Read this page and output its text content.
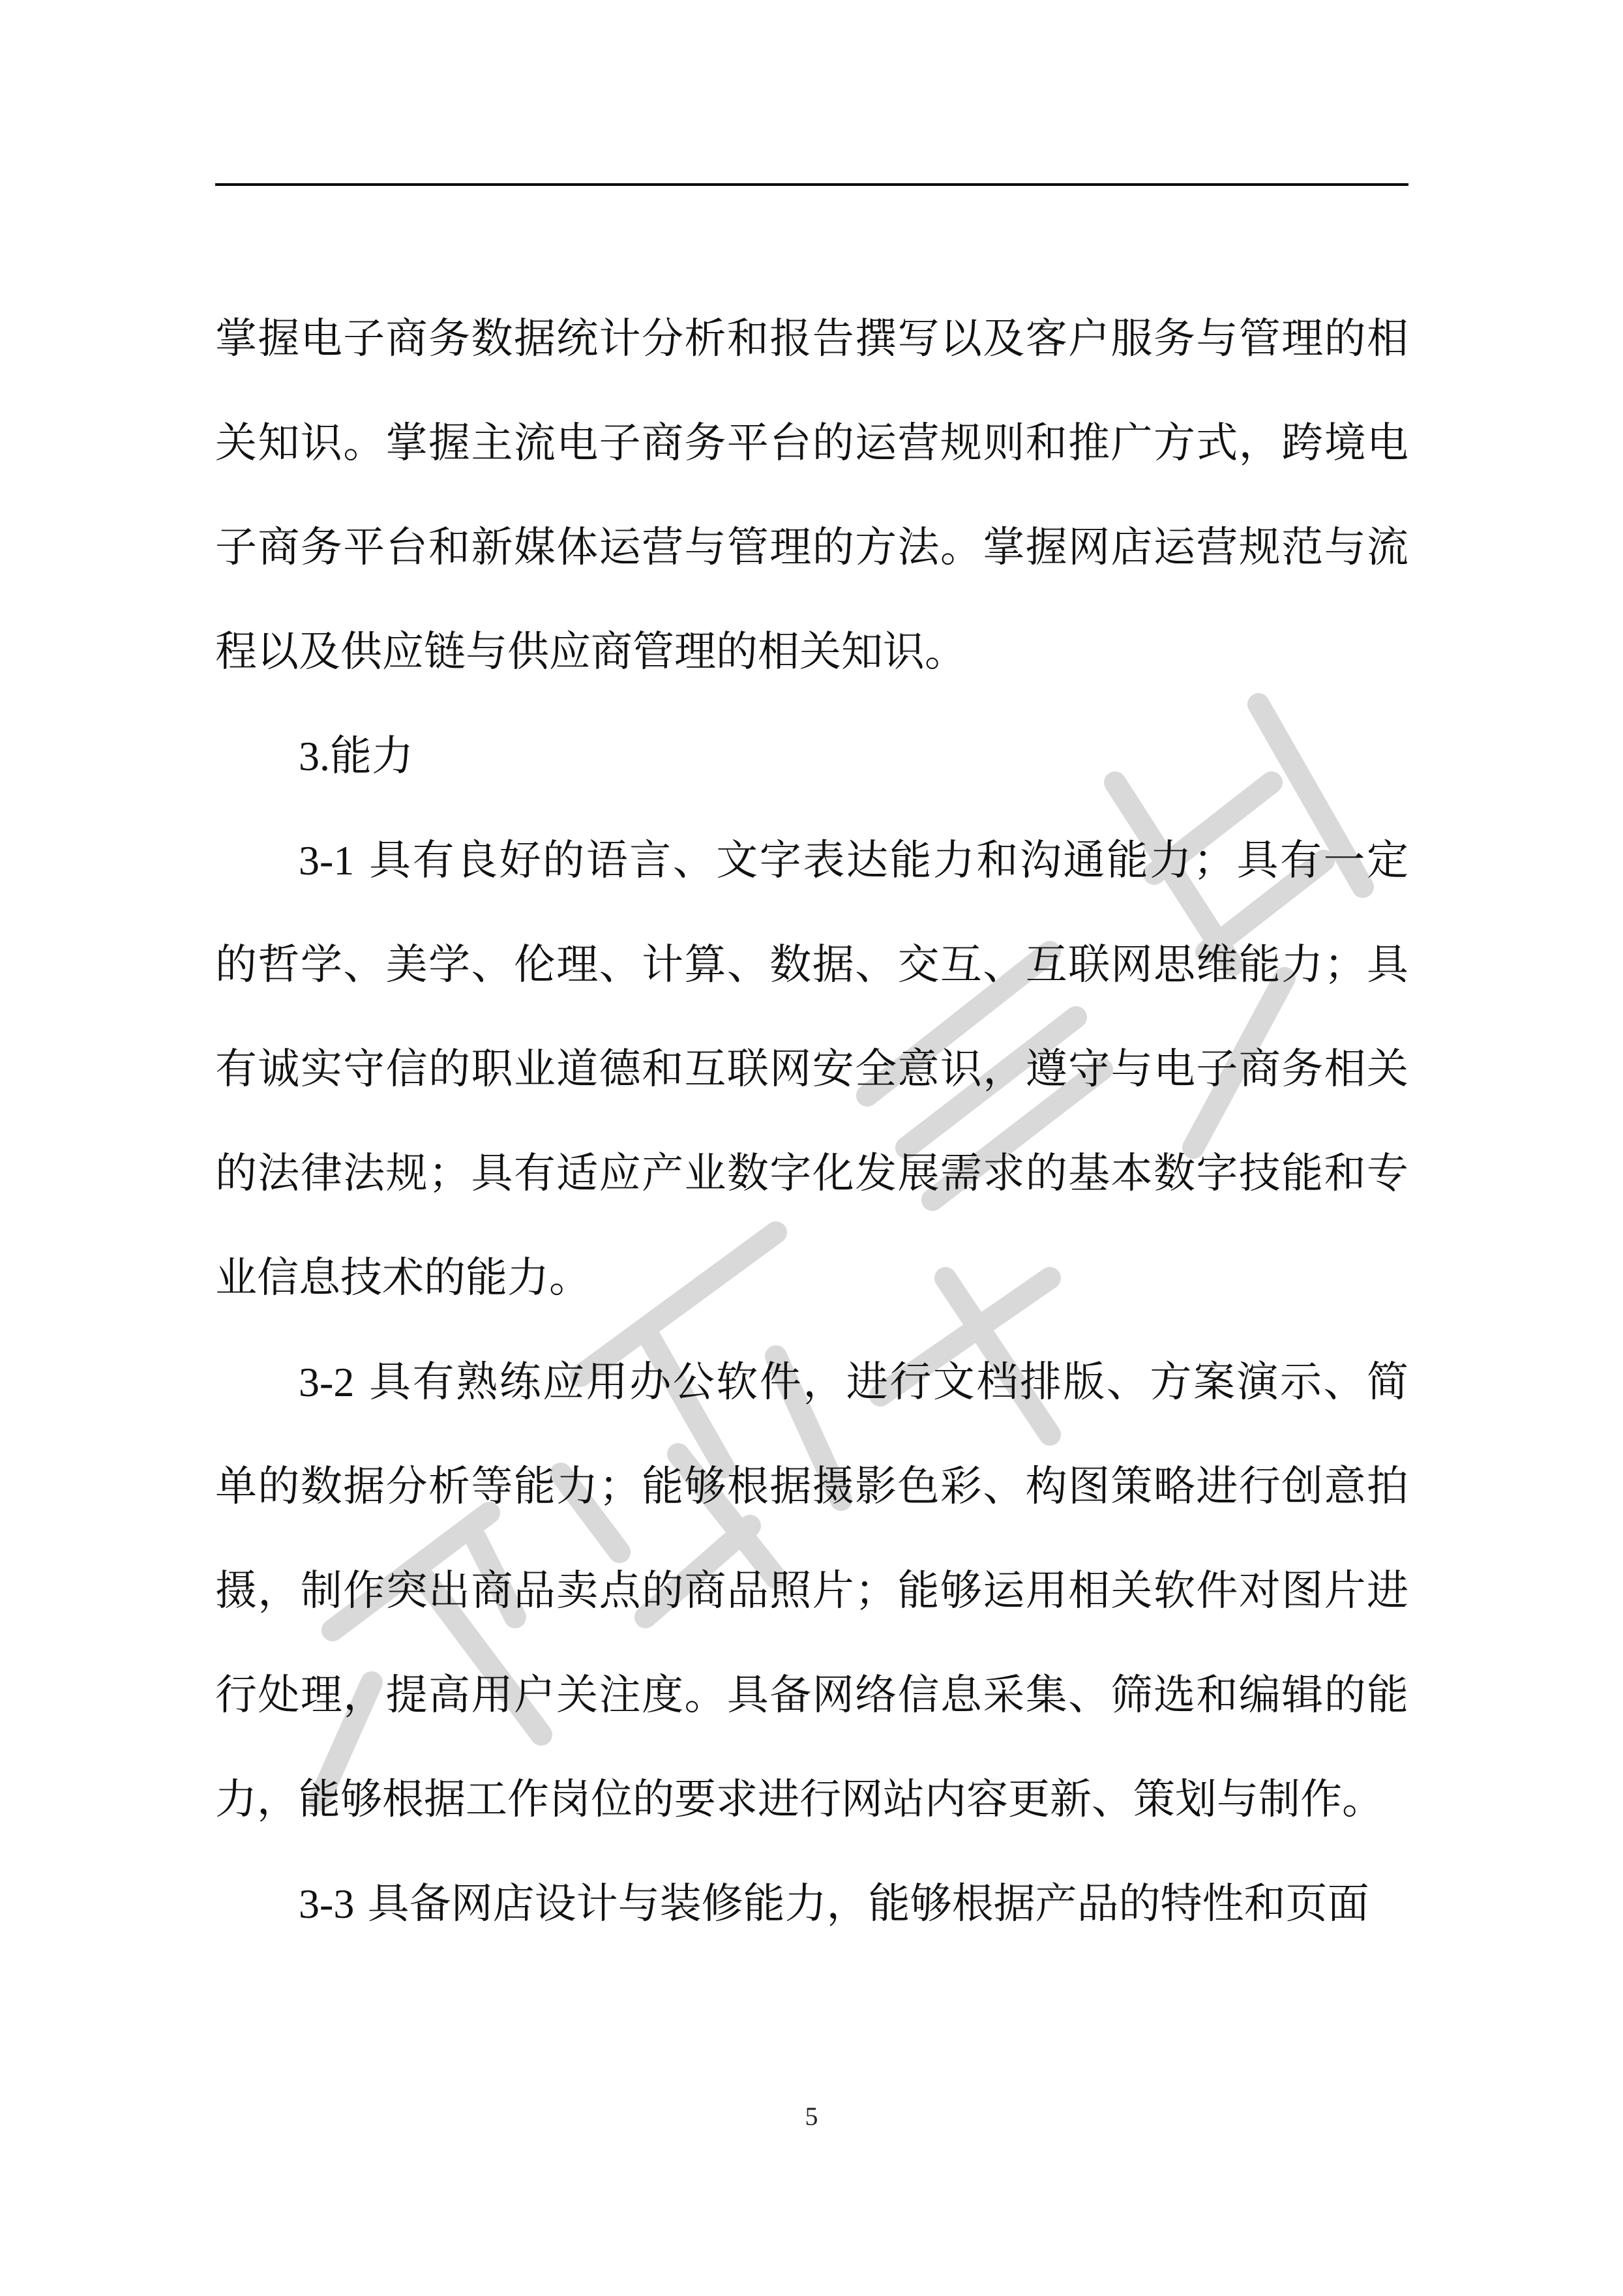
掌握电子商务数据统计分析和报告撰写以及客户服务与管理的相关知识。掌握主流电子商务平台的运营规则和推广方式，跨境电子商务平台和新媒体运营与管理的方法。掌握网店运营规范与流程以及供应链与供应商管理的相关知识。

3.能力

3-1 具有良好的语言、文字表达能力和沟通能力；具有一定的哲学、美学、伦理、计算、数据、交互、互联网思维能力；具有诚实守信的职业道德和互联网安全意识，遵守与电子商务相关的法律法规；具有适应产业数字化发展需求的基本数字技能和专业信息技术的能力。

3-2 具有熟练应用办公软件，进行文档排版、方案演示、简单的数据分析等能力；能够根据摄影色彩、构图策略进行创意拍摄，制作突出商品卖点的商品照片；能够运用相关软件对图片进行处理，提高用户关注度。具备网络信息采集、筛选和编辑的能力，能够根据工作岗位的要求进行网站内容更新、策划与制作。

3-3 具备网店设计与装修能力，能够根据产品的特性和页面

5
